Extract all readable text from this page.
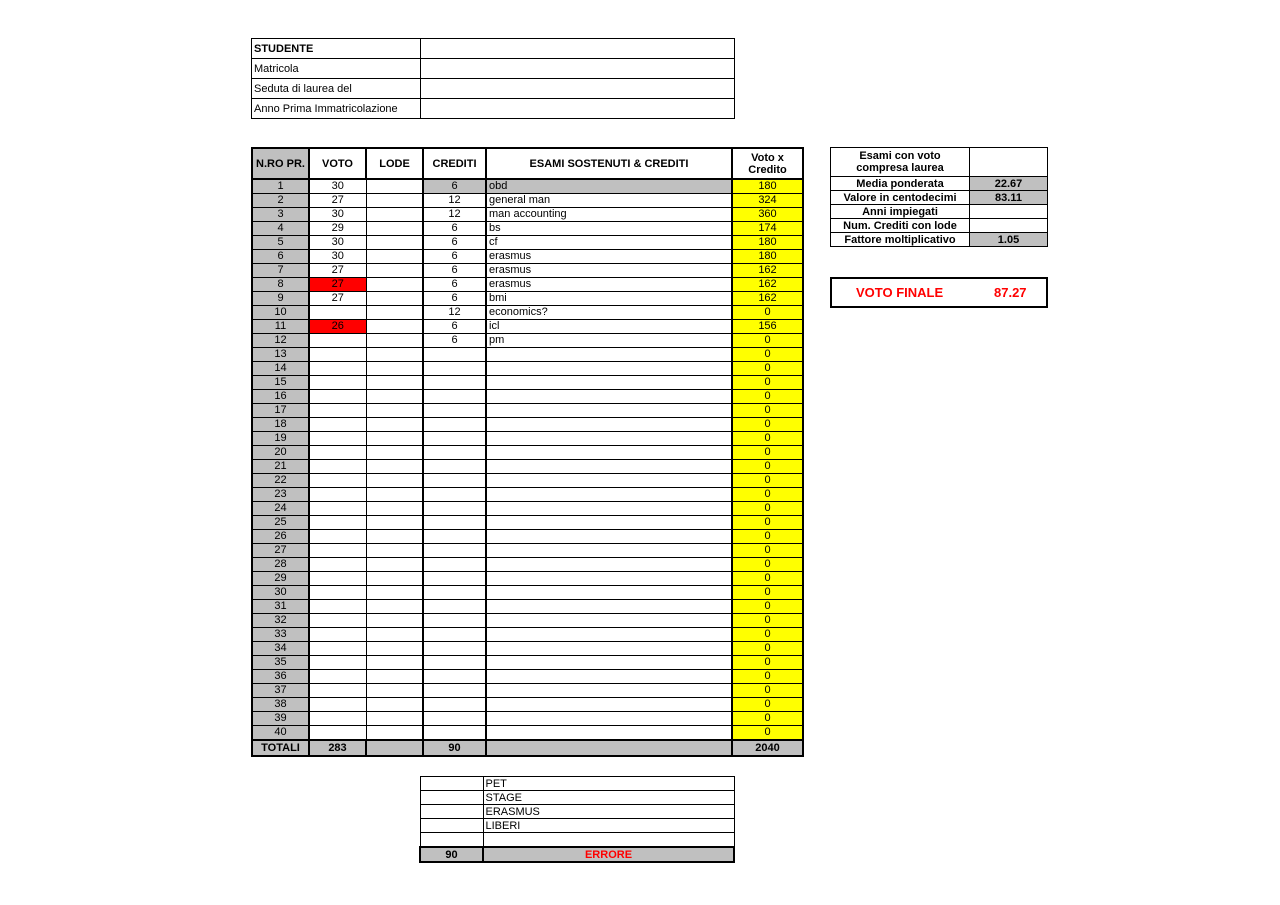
STUDENTE	
Matricola	
Seduta di laurea del	
Anno Prima Immatricolazione	
N.RO PR.	VOTO	LODE	CREDITI	ESAMI SOSTENUTI & CREDITI	Voto x Credito
1	30		6	obd	180
2	27		12	general man	324
3	30		12	man accounting	360
4	29		6	bs	174
5	30		6	cf	180
6	30		6	erasmus	180
7	27		6	erasmus	162
8	27		6	erasmus	162
9	27		6	bmi	162
10			12	economics?	0
11	26		6	icl	156
12			6	pm	0
13					0
14					0
15					0
16					0
17					0
18					0
19					0
20					0
21					0
22					0
23					0
24					0
25					0
26					0
27					0
28					0
29					0
30					0
31					0
32					0
33					0
34					0
35					0
36					0
37					0
38					0
39					0
40					0
TOTALI	283		90		2040
Esami con voto compresa laurea	
Media ponderata	22.67
Valore in centodecimi	83.11
Anni impiegati	
Num. Crediti con lode	
Fattore moltiplicativo	1.05
VOTO FINALE	87.27
	PET
	STAGE
	ERASMUS
	LIBERI

90	ERRORE
